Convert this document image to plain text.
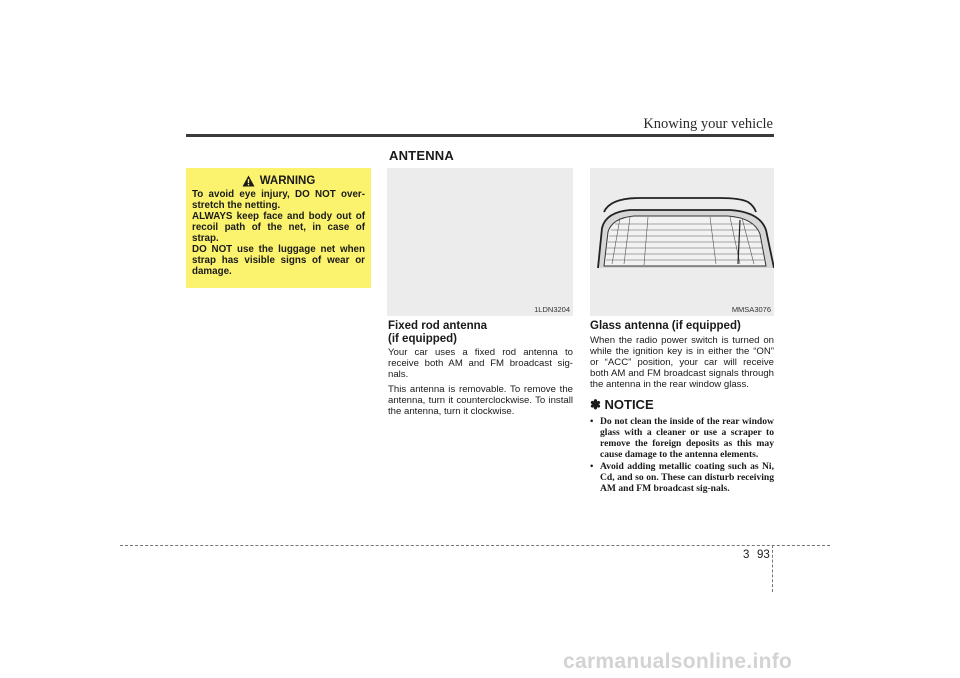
Knowing your vehicle
ANTENNA
WARNING

To avoid eye injury, DO NOT over-stretch the netting.

ALWAYS keep face and body out of recoil path of the net, in case of strap.

DO NOT use the luggage net when strap has visible signs of wear or damage.

1LDN3204	MMSA3076
Fixed rod antenna
(if equipped)

Your car uses a fixed rod antenna to receive both AM and FM broadcast sig-nals.

This antenna is removable. To remove the antenna, turn it counterclockwise. To install the antenna, turn it clockwise.

Glass antenna (if equipped)

When the radio power switch is turned on while the ignition key is in either the “ON” or “ACC” position, your car will receive both AM and FM broadcast signals through the antenna in the rear window glass.

✽ NOTICE
• Do not clean the inside of the rear window glass with a cleaner or use a scraper to remove the foreign deposits as this may cause damage to the antenna elements.
• Avoid adding metallic coating such as Ni, Cd, and so on. These can disturb receiving AM and FM broadcast sig-nals.
3 93
carmanualsonline.info
